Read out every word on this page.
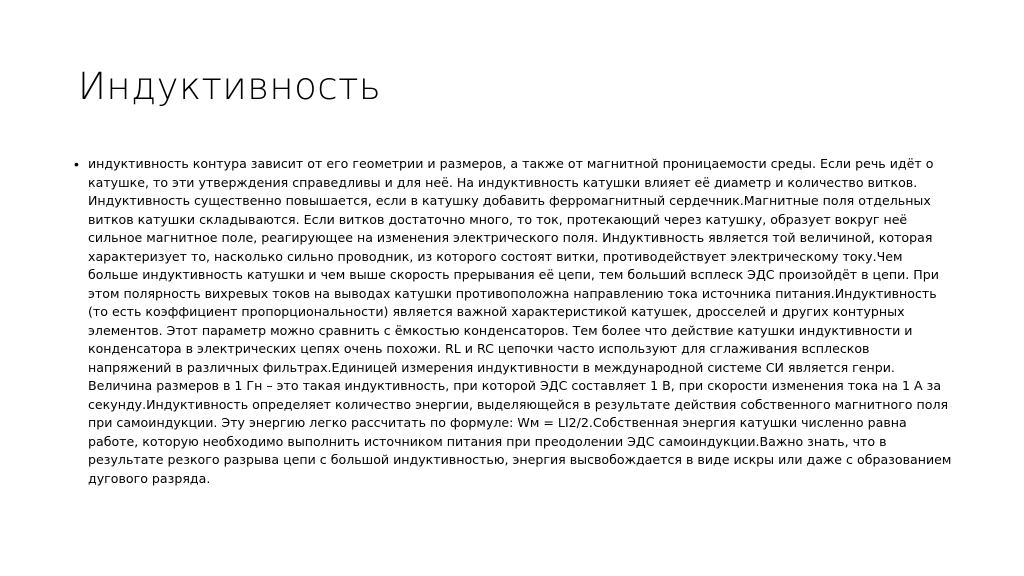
Индуктивность
• индуктивность контура зависит от его геометрии и размеров, а также от магнитной проницаемости среды. Если речь идёт о катушке, то эти утверждения справедливы и для неё. На индуктивность катушки влияет её диаметр и количество витков. Индуктивность существенно повышается, если в катушку добавить ферромагнитный сердечник.Магнитные поля отдельных витков катушки складываются. Если витков достаточно много, то ток, протекающий через катушку, образует вокруг неё сильное магнитное поле, реагирующее на изменения электрического поля. Индуктивность является той величиной, которая характеризует то, насколько сильно проводник, из которого состоят витки, противодействует электрическому току.Чем больше индуктивность катушки и чем выше скорость прерывания её цепи, тем больший всплеск ЭДС произойдёт в цепи. При этом полярность вихревых токов на выводах катушки противоположна направлению тока источника питания.Индуктивность (то есть коэффициент пропорциональности) является важной характеристикой катушек, дросселей и других контурных элементов. Этот параметр можно сравнить с ёмкостью конденсаторов. Тем более что действие катушки индуктивности и конденсатора в электрических цепях очень похожи. RL и RC цепочки часто используют для сглаживания всплесков напряжений в различных фильтрах.Единицей измерения индуктивности в международной системе СИ является генри. Величина размеров в 1 Гн – это такая индуктивность, при которой ЭДС составляет 1 В, при скорости изменения тока на 1 А за секунду.Индуктивность определяет количество энергии, выделяющейся в результате действия собственного магнитного поля при самоиндукции. Эту энергию легко рассчитать по формуле: Wм = LI2/2.Собственная энергия катушки численно равна работе, которую необходимо выполнить источником питания при преодолении ЭДС самоиндукции.Важно знать, что в результате резкого разрыва цепи с большой индуктивностью, энергия высвобождается в виде искры или даже с образованием дугового разряда.
